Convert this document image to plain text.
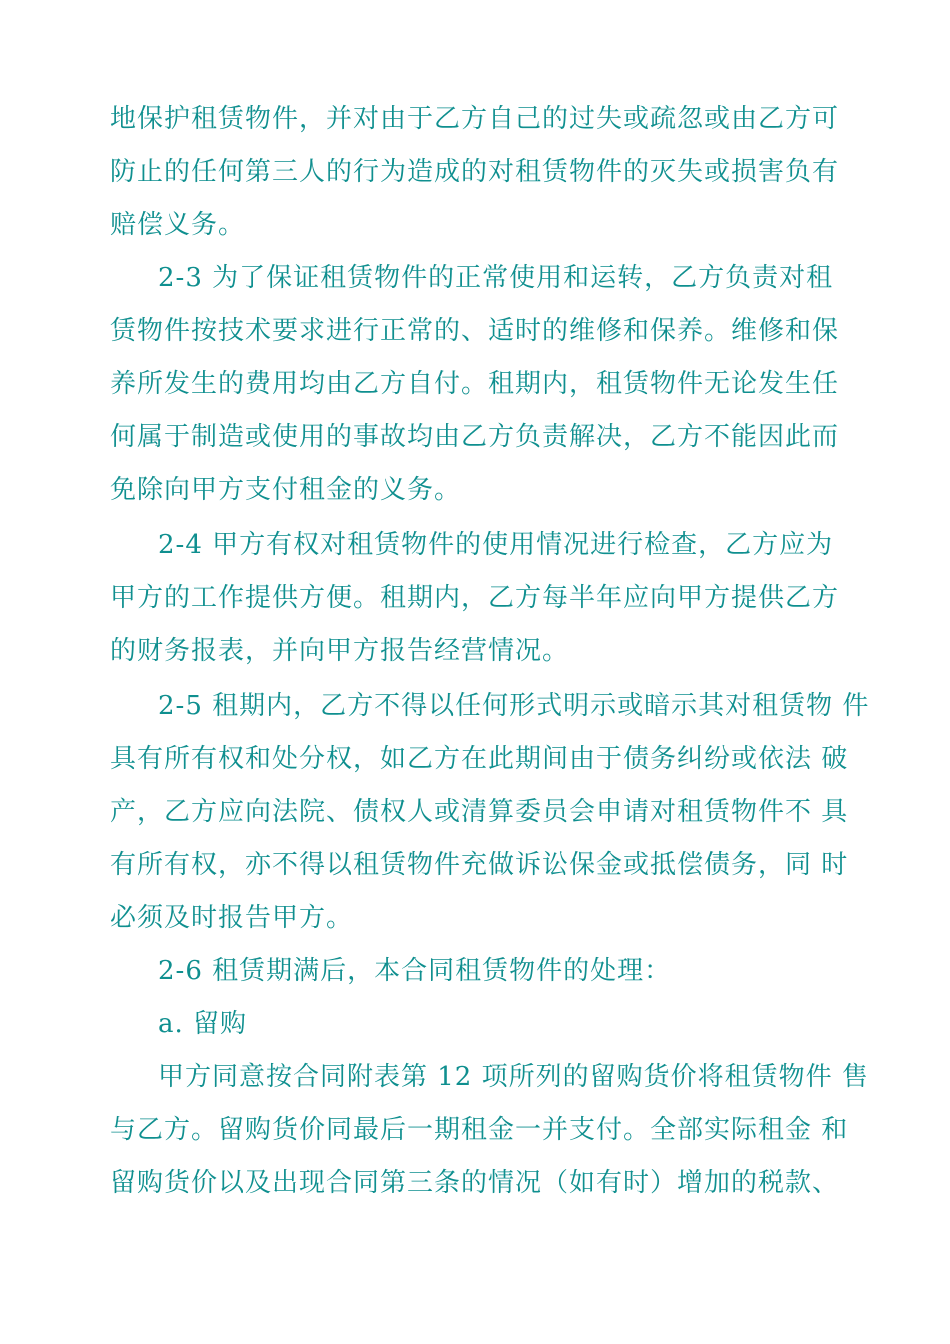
地保护租赁物件，并对由于乙方自己的过失或疏忽或由乙方可
防止的任何第三人的行为造成的对租赁物件的灭失或损害负有
赔偿义务。
2-3 为了保证租赁物件的正常使用和运转，乙方负责对租
赁物件按技术要求进行正常的、适时的维修和保养。维修和保
养所发生的费用均由乙方自付。租期内，租赁物件无论发生任
何属于制造或使用的事故均由乙方负责解决，乙方不能因此而
免除向甲方支付租金的义务。
2-4 甲方有权对租赁物件的使用情况进行检查，乙方应为
甲方的工作提供方便。租期内，乙方每半年应向甲方提供乙方
的财务报表，并向甲方报告经营情况。
2-5 租期内，乙方不得以任何形式明示或暗示其对租赁物 件
具有所有权和处分权，如乙方在此期间由于债务纠纷或依法 破
产，乙方应向法院、债权人或清算委员会申请对租赁物件不 具
有所有权，亦不得以租赁物件充做诉讼保金或抵偿债务，同 时
必须及时报告甲方。
2-6 租赁期满后，本合同租赁物件的处理：
a. 留购
甲方同意按合同附表第 12 项所列的留购货价将租赁物件 售
与乙方。留购货价同最后一期租金一并支付。全部实际租金 和
留购货价以及出现合同第三条的情况（如有时）增加的税款、
